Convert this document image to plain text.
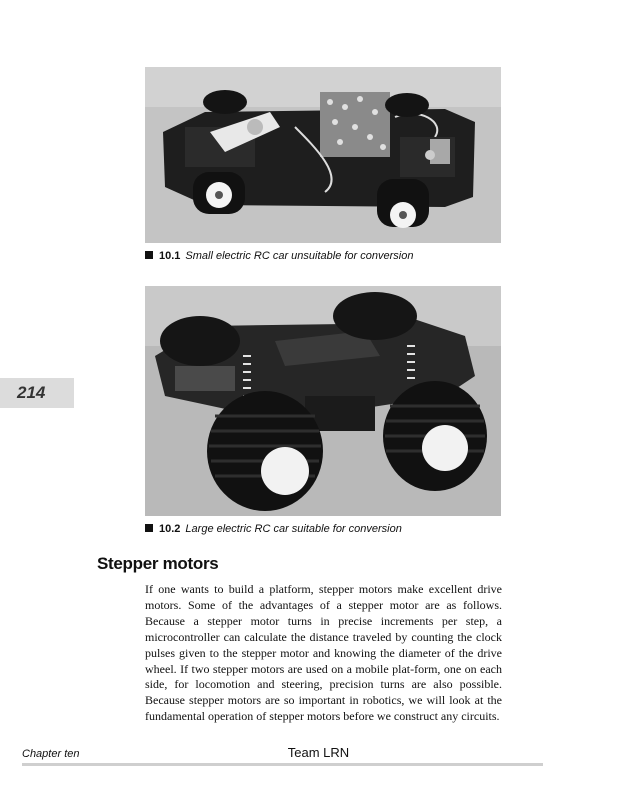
10.1 Small electric RC car unsuitable for conversion
10.2 Large electric RC car suitable for conversion
214
Stepper motors
If one wants to build a platform, stepper motors make excellent drive motors. Some of the advantages of a stepper motor are as follows. Because a stepper motor turns in precise increments per step, a microcontroller can calculate the distance traveled by counting the clock pulses given to the stepper motor and knowing the diameter of the drive wheel. If two stepper motors are used on a mobile plat-form, one on each side, for locomotion and steering, precision turns are also possible. Because stepper motors are so important in robotics, we will look at the fundamental operation of stepper motors before we construct any circuits.
Chapter ten	Team LRN
